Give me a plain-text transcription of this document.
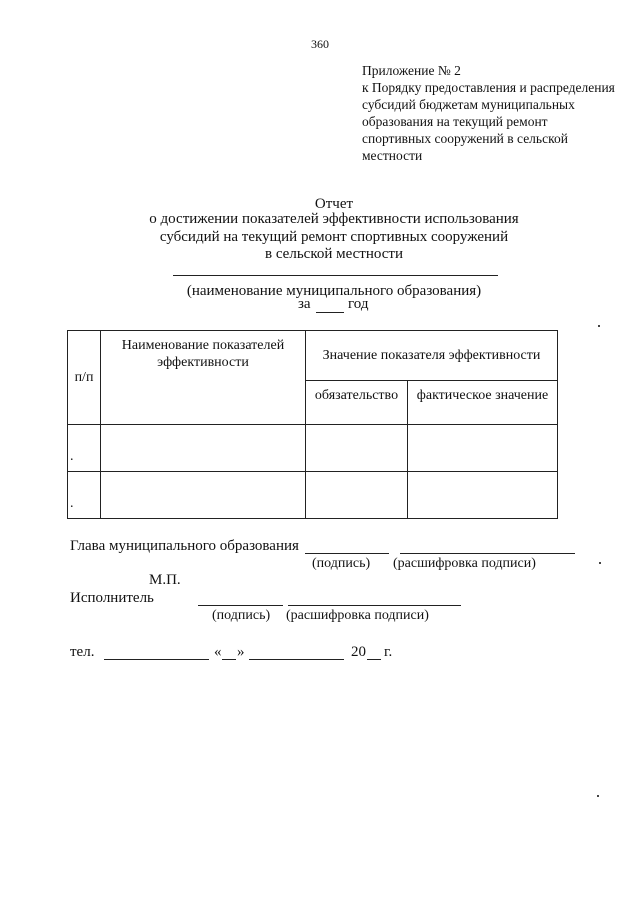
360
Приложение № 2
к Порядку предоставления и распределения
субсидий бюджетам муниципальных
образования на текущий ремонт
спортивных сооружений в сельской
местности
Отчет
о достижении показателей эффективности использования
субсидий на текущий ремонт спортивных сооружений
в сельской местности
(наименование муниципального образования)
за год
п/п	Наименование показателей эффективности	Значение показателя эффективности	
		обязательство	фактическое значение
.			
.			
Глава муниципального образования
(подпись) (расшифровка подписи)
М.П.
Исполнитель
(подпись) (расшифровка подписи)
тел.	« »	20 г.
